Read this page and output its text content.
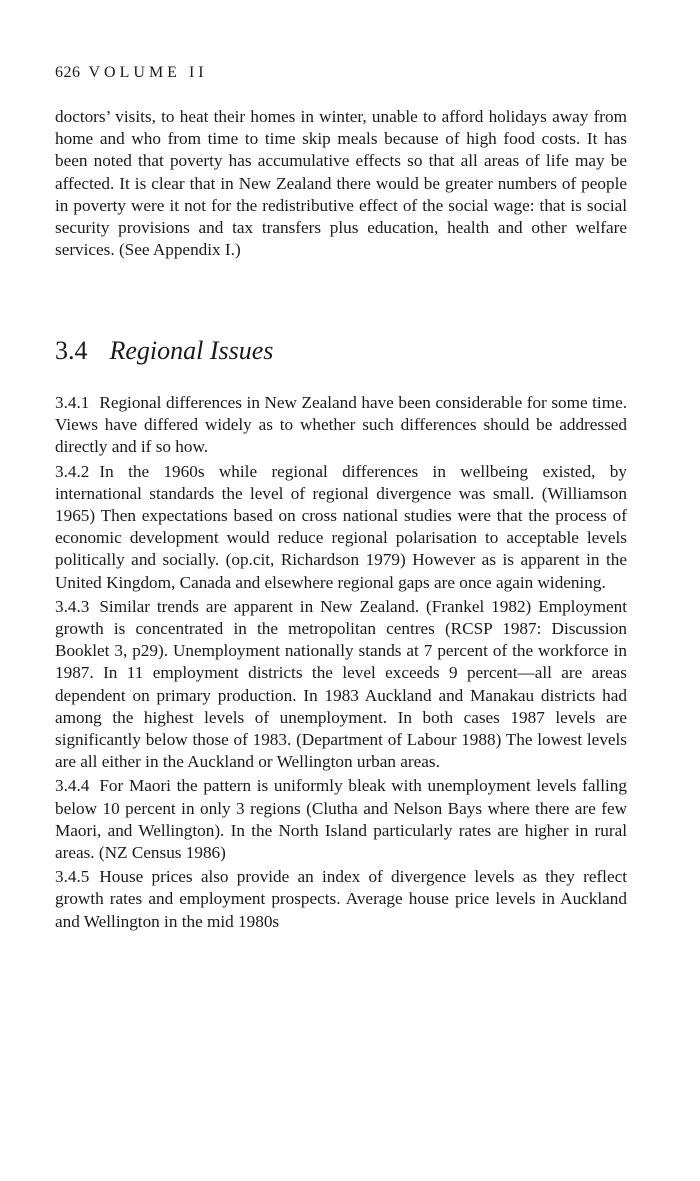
626 VOLUME II

doctors’ visits, to heat their homes in winter, unable to afford holidays away from home and who from time to time skip meals because of high food costs. It has been noted that poverty has accumulative effects so that all areas of life may be affected. It is clear that in New Zealand there would be greater numbers of people in poverty were it not for the redistributive effect of the social wage: that is social security provisions and tax transfers plus education, health and other welfare services. (See Appendix I.)

3.4 Regional Issues

3.4.1 Regional differences in New Zealand have been considerable for some time. Views have differed widely as to whether such differences should be addressed directly and if so how.

3.4.2 In the 1960s while regional differences in wellbeing existed, by international standards the level of regional divergence was small. (Williamson 1965) Then expectations based on cross national studies were that the process of economic development would reduce regional polarisation to acceptable levels politically and socially. (op.cit, Richardson 1979) However as is apparent in the United Kingdom, Canada and elsewhere regional gaps are once again widening.

3.4.3 Similar trends are apparent in New Zealand. (Frankel 1982) Employment growth is concentrated in the metropolitan centres (RCSP 1987: Discussion Booklet 3, p29). Unemployment nationally stands at 7 percent of the workforce in 1987. In 11 employment districts the level exceeds 9 percent—all are areas dependent on primary production. In 1983 Auckland and Manakau districts had among the highest levels of unemployment. In both cases 1987 levels are significantly below those of 1983. (Department of Labour 1988) The lowest levels are all either in the Auckland or Wellington urban areas.

3.4.4 For Maori the pattern is uniformly bleak with unemployment levels falling below 10 percent in only 3 regions (Clutha and Nelson Bays where there are few Maori, and Wellington). In the North Island particularly rates are higher in rural areas. (NZ Census 1986)

3.4.5 House prices also provide an index of divergence levels as they reflect growth rates and employment prospects. Average house price levels in Auckland and Wellington in the mid 1980s
